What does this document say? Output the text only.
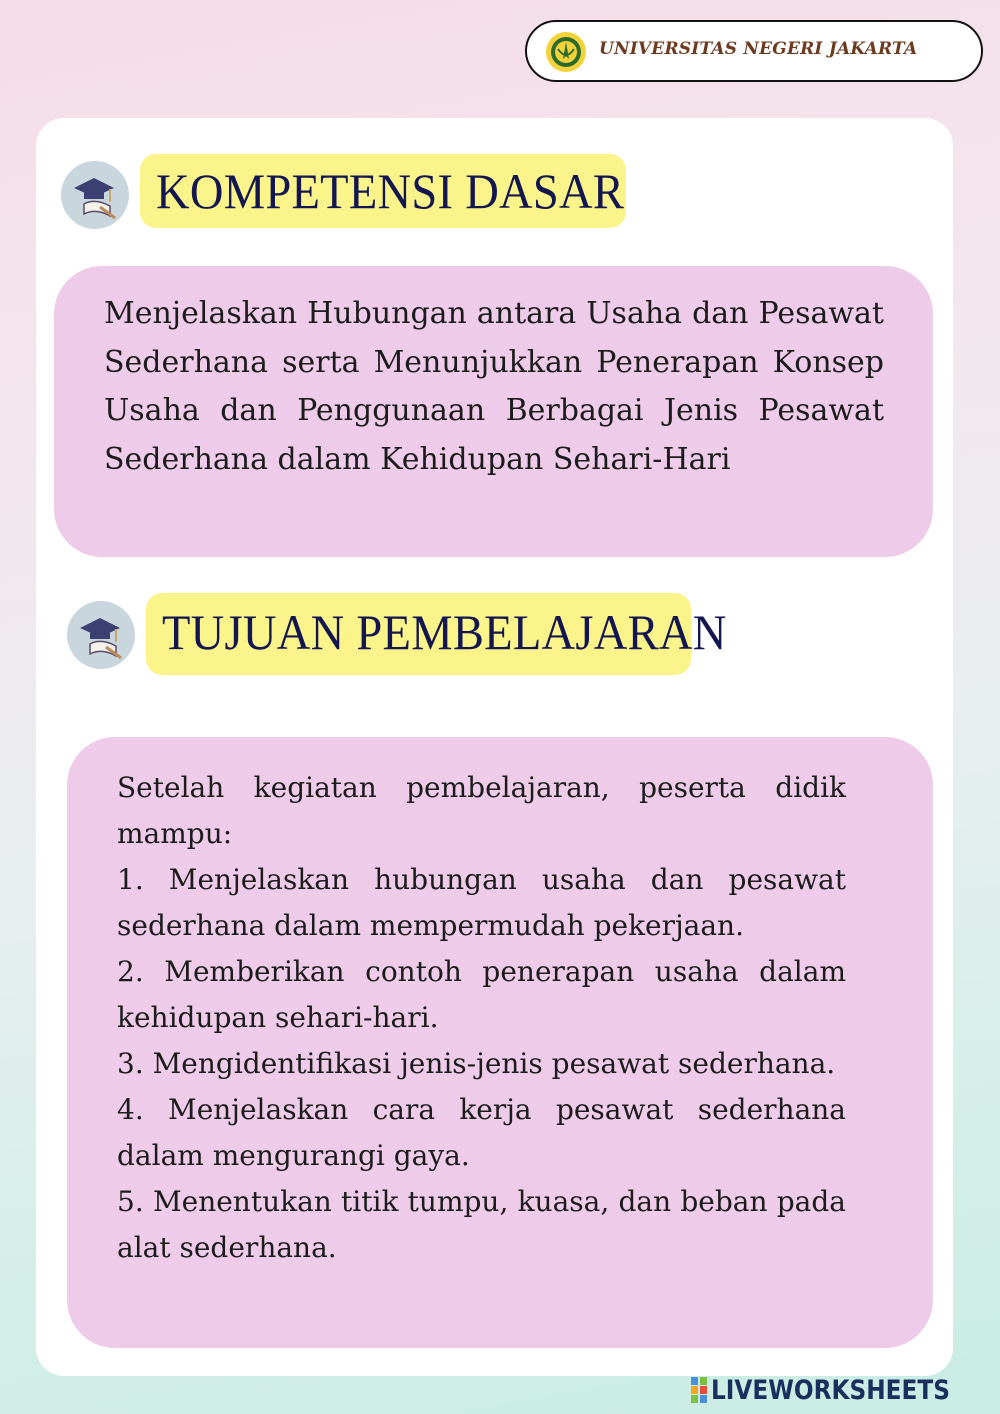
UNIVERSITAS NEGERI JAKARTA
KOMPETENSI DASAR
Menjelaskan Hubungan antara Usaha dan Pesawat Sederhana serta Menunjukkan Penerapan Konsep Usaha dan Penggunaan Berbagai Jenis Pesawat Sederhana dalam Kehidupan Sehari-Hari
TUJUAN PEMBELAJARAN

Setelah kegiatan pembelajaran, peserta didik mampu:

1. Menjelaskan hubungan usaha dan pesawat sederhana dalam mempermudah pekerjaan.

2. Memberikan contoh penerapan usaha dalam kehidupan sehari-hari.

3. Mengidentifikasi jenis-jenis pesawat sederhana.

4. Menjelaskan cara kerja pesawat sederhana dalam mengurangi gaya.

5. Menentukan titik tumpu, kuasa, dan beban pada alat sederhana.

LIVEWORKSHEETS
